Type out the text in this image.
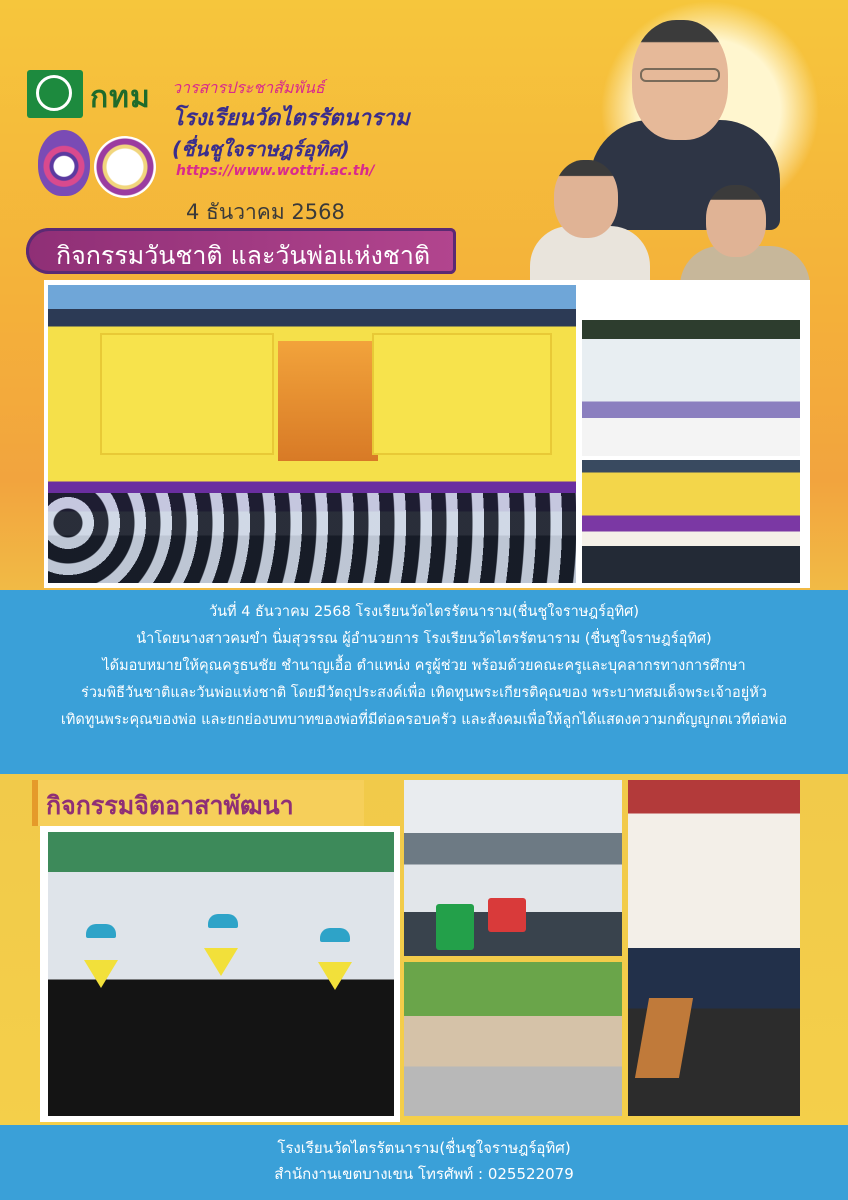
กทม วารสารประชาสัมพันธ์
โรงเรียนวัดไตรรัตนาราม
(ชื่นชูใจราษฎร์อุทิศ)
https://www.wottri.ac.th/
4 ธันวาคม 2568
กิจกรรมวันชาติ และวันพ่อแห่งชาติ
วันที่ 4 ธันวาคม 2568 โรงเรียนวัดไตรรัตนาราม(ชื่นชูใจราษฎร์อุทิศ)
นำโดยนางสาวคมขำ นิ่มสุวรรณ ผู้อำนวยการ โรงเรียนวัดไตรรัตนาราม (ชื่นชูใจราษฎร์อุทิศ)
ได้มอบหมายให้คุณครูธนชัย ชำนาญเอื้อ ตำแหน่ง ครูผู้ช่วย พร้อมด้วยคณะครูและบุคลากรทางการศึกษา
ร่วมพิธีวันชาติและวันพ่อแห่งชาติ โดยมีวัตถุประสงค์เพื่อ เทิดทูนพระเกียรติคุณของ พระบาทสมเด็จพระเจ้าอยู่หัว
เทิดทูนพระคุณของพ่อ และยกย่องบทบาทของพ่อที่มีต่อครอบครัว และสังคมเพื่อให้ลูกได้แสดงความกตัญญูกตเวทีต่อพ่อ
กิจกรรมจิตอาสาพัฒนา
โรงเรียนวัดไตรรัตนาราม(ชื่นชูใจราษฎร์อุทิศ)
สำนักงานเขตบางเขน โทรศัพท์ : 025522079
